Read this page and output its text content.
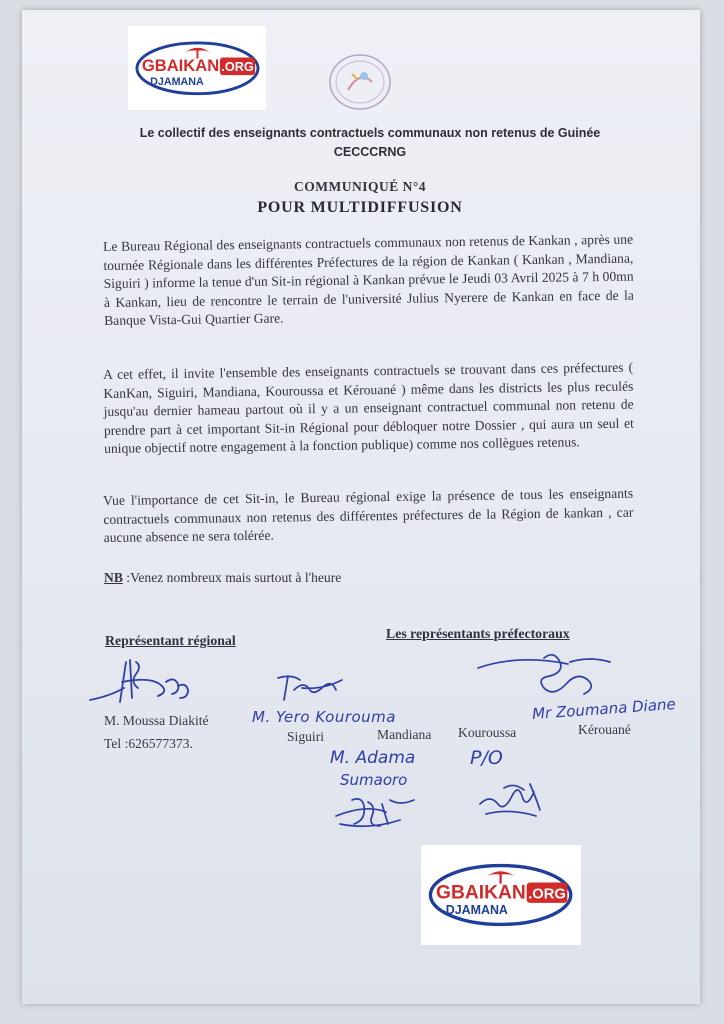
GBAIKAN .ORG
DJAMANA
Le collectif des enseignants contractuels communaux non retenus de Guinée
CECCCRNG
COMMUNIQUÉ N°4
POUR MULTIDIFFUSION
Le Bureau Régional des enseignants contractuels communaux non retenus de Kankan , après une tournée Régionale dans les différentes Préfectures de la région de Kankan ( Kankan , Mandiana, Siguiri ) informe la tenue d'un Sit-in régional à Kankan prévue le Jeudi 03 Avril 2025 à 7 h 00mn à Kankan, lieu de rencontre le terrain de l'université Julius Nyerere de Kankan en face de la Banque Vista-Gui Quartier Gare.
A cet effet, il invite l'ensemble des enseignants contractuels se trouvant dans ces préfectures ( KanKan, Siguiri, Mandiana, Kouroussa et Kérouané ) même dans les districts les plus reculés jusqu'au dernier hameau partout où il y a un enseignant contractuel communal non retenu de prendre part à cet important Sit-in Régional pour débloquer notre Dossier , qui aura un seul et unique objectif notre engagement à la fonction publique) comme nos collègues retenus.
Vue l'importance de cet Sit-in, le Bureau régional exige la présence de tous les enseignants contractuels communaux non retenus des différentes préfectures de la Région de kankan , car aucune absence ne sera tolérée.
NB :Venez nombreux mais surtout à l'heure
Représentant régional	Les représentants préfectoraux
M. Moussa Diakité
Tel :626577373.	Siguiri	Mandiana Kouroussa	Kérouané
M. Yero Kourouma	Mr Zoumana Diane
M. Adama
Sumaoro
P/O
GBAIKAN .ORG
DJAMANA
